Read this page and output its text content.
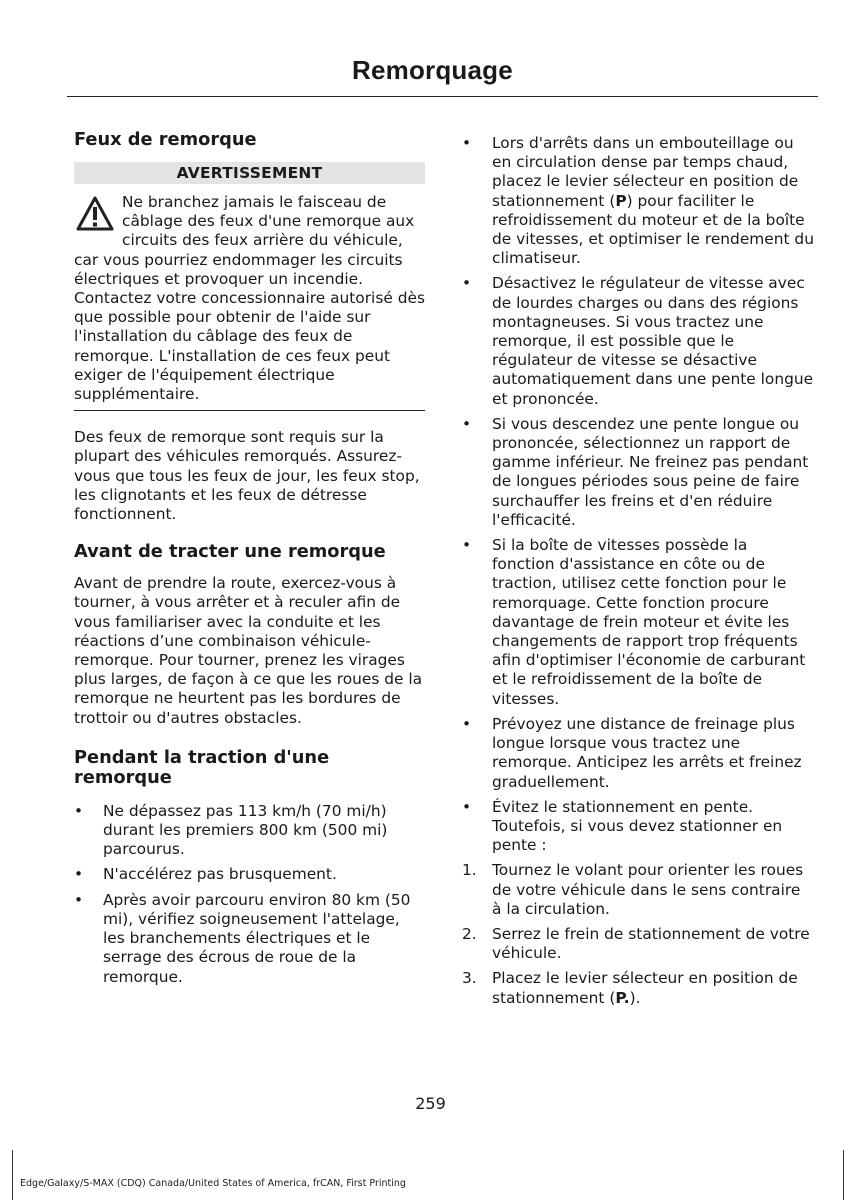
Remorquage
Feux de remorque
AVERTISSEMENT

Ne branchez jamais le faisceau de câblage des feux d'une remorque aux circuits des feux arrière du véhicule, car vous pourriez endommager les circuits électriques et provoquer un incendie. Contactez votre concessionnaire autorisé dès que possible pour obtenir de l'aide sur l'installation du câblage des feux de remorque. L'installation de ces feux peut exiger de l'équipement électrique supplémentaire.

Des feux de remorque sont requis sur la plupart des véhicules remorqués. Assurez-vous que tous les feux de jour, les feux stop, les clignotants et les feux de détresse fonctionnent.

Avant de tracter une remorque

Avant de prendre la route, exercez-vous à tourner, à vous arrêter et à reculer afin de vous familiariser avec la conduite et les réactions d’une combinaison véhicule-remorque. Pour tourner, prenez les virages plus larges, de façon à ce que les roues de la remorque ne heurtent pas les bordures de trottoir ou d'autres obstacles.

Pendant la traction d'une remorque
• Ne dépassez pas 113 km/h (70 mi/h) durant les premiers 800 km (500 mi) parcourus.
• N'accélérez pas brusquement.
• Après avoir parcouru environ 80 km (50 mi), vérifiez soigneusement l'attelage, les branchements électriques et le serrage des écrous de roue de la remorque.
• Lors d'arrêts dans un embouteillage ou en circulation dense par temps chaud, placez le levier sélecteur en position de stationnement (P) pour faciliter le refroidissement du moteur et de la boîte de vitesses, et optimiser le rendement du climatiseur.
• Désactivez le régulateur de vitesse avec de lourdes charges ou dans des régions montagneuses. Si vous tractez une remorque, il est possible que le régulateur de vitesse se désactive automatiquement dans une pente longue et prononcée.
• Si vous descendez une pente longue ou prononcée, sélectionnez un rapport de gamme inférieur. Ne freinez pas pendant de longues périodes sous peine de faire surchauffer les freins et d'en réduire l'efficacité.
• Si la boîte de vitesses possède la fonction d'assistance en côte ou de traction, utilisez cette fonction pour le remorquage. Cette fonction procure davantage de frein moteur et évite les changements de rapport trop fréquents afin d'optimiser l'économie de carburant et le refroidissement de la boîte de vitesses.
• Prévoyez une distance de freinage plus longue lorsque vous tractez une remorque. Anticipez les arrêts et freinez graduellement.
• Évitez le stationnement en pente. Toutefois, si vous devez stationner en pente :
1. Tournez le volant pour orienter les roues de votre véhicule dans le sens contraire à la circulation.
2. Serrez le frein de stationnement de votre véhicule.
3. Placez le levier sélecteur en position de stationnement (P.).
259
Edge/Galaxy/S-MAX (CDQ) Canada/United States of America, frCAN, First Printing
